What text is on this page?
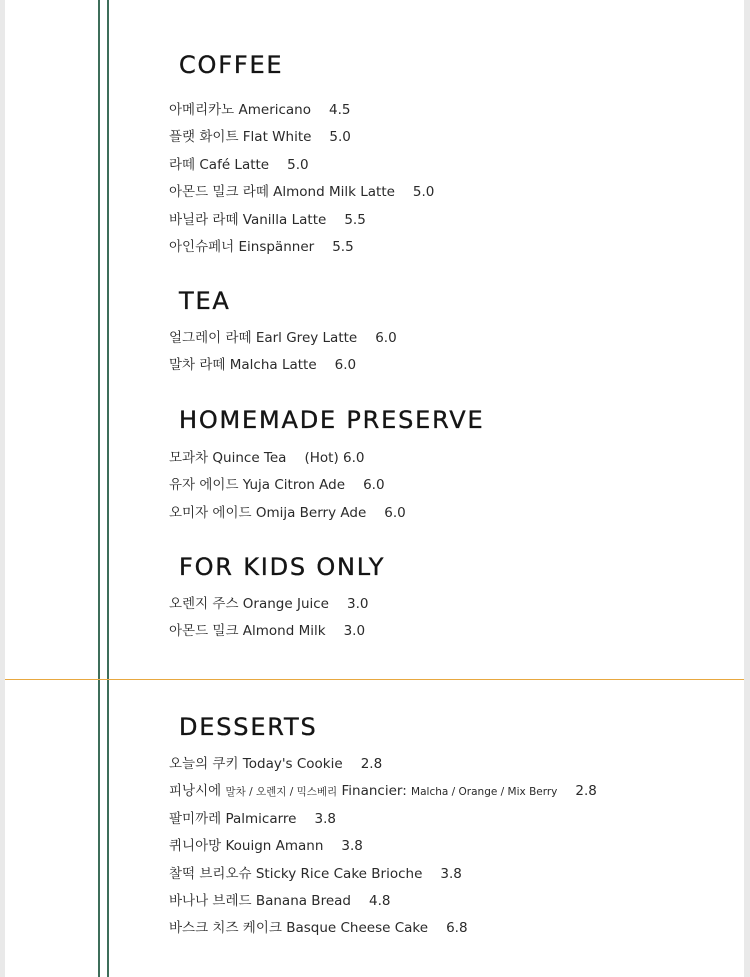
COFFEE
아메리카노 Americano 4.5
플랫 화이트 Flat White 5.0
라떼 Café Latte 5.0
아몬드 밀크 라떼 Almond Milk Latte 5.0
바닐라 라떼 Vanilla Latte 5.5
아인슈페너 Einspänner 5.5
TEA
얼그레이 라떼 Earl Grey Latte 6.0
말차 라떼 Malcha Latte 6.0
HOMEMADE PRESERVE
모과차 Quince Tea (Hot) 6.0
유자 에이드 Yuja Citron Ade 6.0
오미자 에이드 Omija Berry Ade 6.0
FOR KIDS ONLY
오렌지 주스 Orange Juice 3.0
아몬드 밀크 Almond Milk 3.0
DESSERTS
오늘의 쿠키 Today's Cookie 2.8
피낭시에 말차 / 오렌지 / 믹스베리 Financier: Malcha / Orange / Mix Berry 2.8
팔미까레 Palmicarre 3.8
퀴니아망 Kouign Amann 3.8
찰떡 브리오슈 Sticky Rice Cake Brioche 3.8
바나나 브레드 Banana Bread 4.8
바스크 치즈 케이크 Basque Cheese Cake 6.8
